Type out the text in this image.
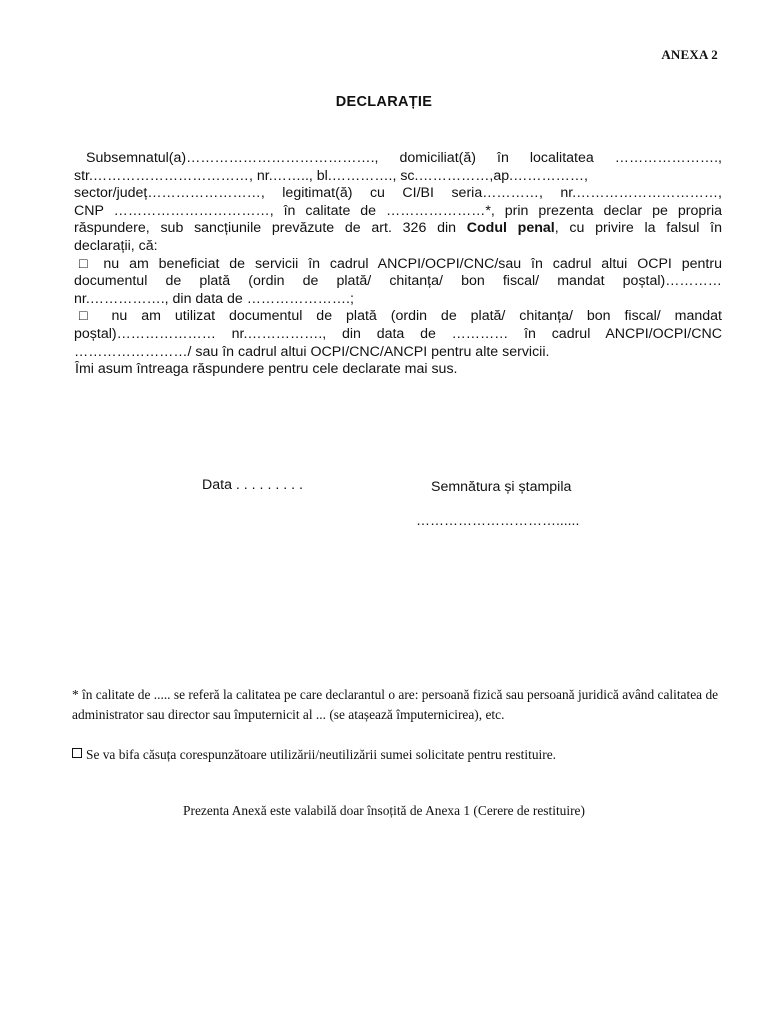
ANEXA 2
DECLARAȚIE
Subsemnatul(a)…………………………………., domiciliat(ă) în localitatea ………………….,
str.……………………………, nr.…….., bl.…………., sc.……………,ap.……………,
sector/județ……………………, legitimat(ă) cu CI/BI seria…………, nr.…………………………,
CNP ……………………………, în calitate de …………………*, prin prezenta declar pe propria
răspundere, sub sancțiunile prevăzute de art. 326 din Codul penal, cu privire la falsul în
declarații, că:
□ nu am beneficiat de servicii în cadrul ANCPI/OCPI/CNC/sau în cadrul altui OCPI pentru
documentul de plată (ordin de plată/ chitanța/ bon fiscal/ mandat poștal)…………
nr.……………., din data de ………………….;
□ nu am utilizat documentul de plată (ordin de plată/ chitanța/ bon fiscal/ mandat
poștal)………………… nr.……………., din data de ………… în cadrul ANCPI/OCPI/CNC
……………………/ sau în cadrul altui OCPI/CNC/ANCPI pentru alte servicii.
Îmi asum întreaga răspundere pentru cele declarate mai sus.
Data . . . . . . . . .	Semnătura și ștampila
…………………………......
* în calitate de ..... se referă la calitatea pe care declarantul o are: persoană fizică sau persoană juridică având calitatea de administrator sau director sau împuternicit al ... (se atașează împuternicirea), etc.
Se va bifa căsuța corespunzătoare utilizării/neutilizării sumei solicitate pentru restituire.
Prezenta Anexă este valabilă doar însoțită de Anexa 1 (Cerere de restituire)
